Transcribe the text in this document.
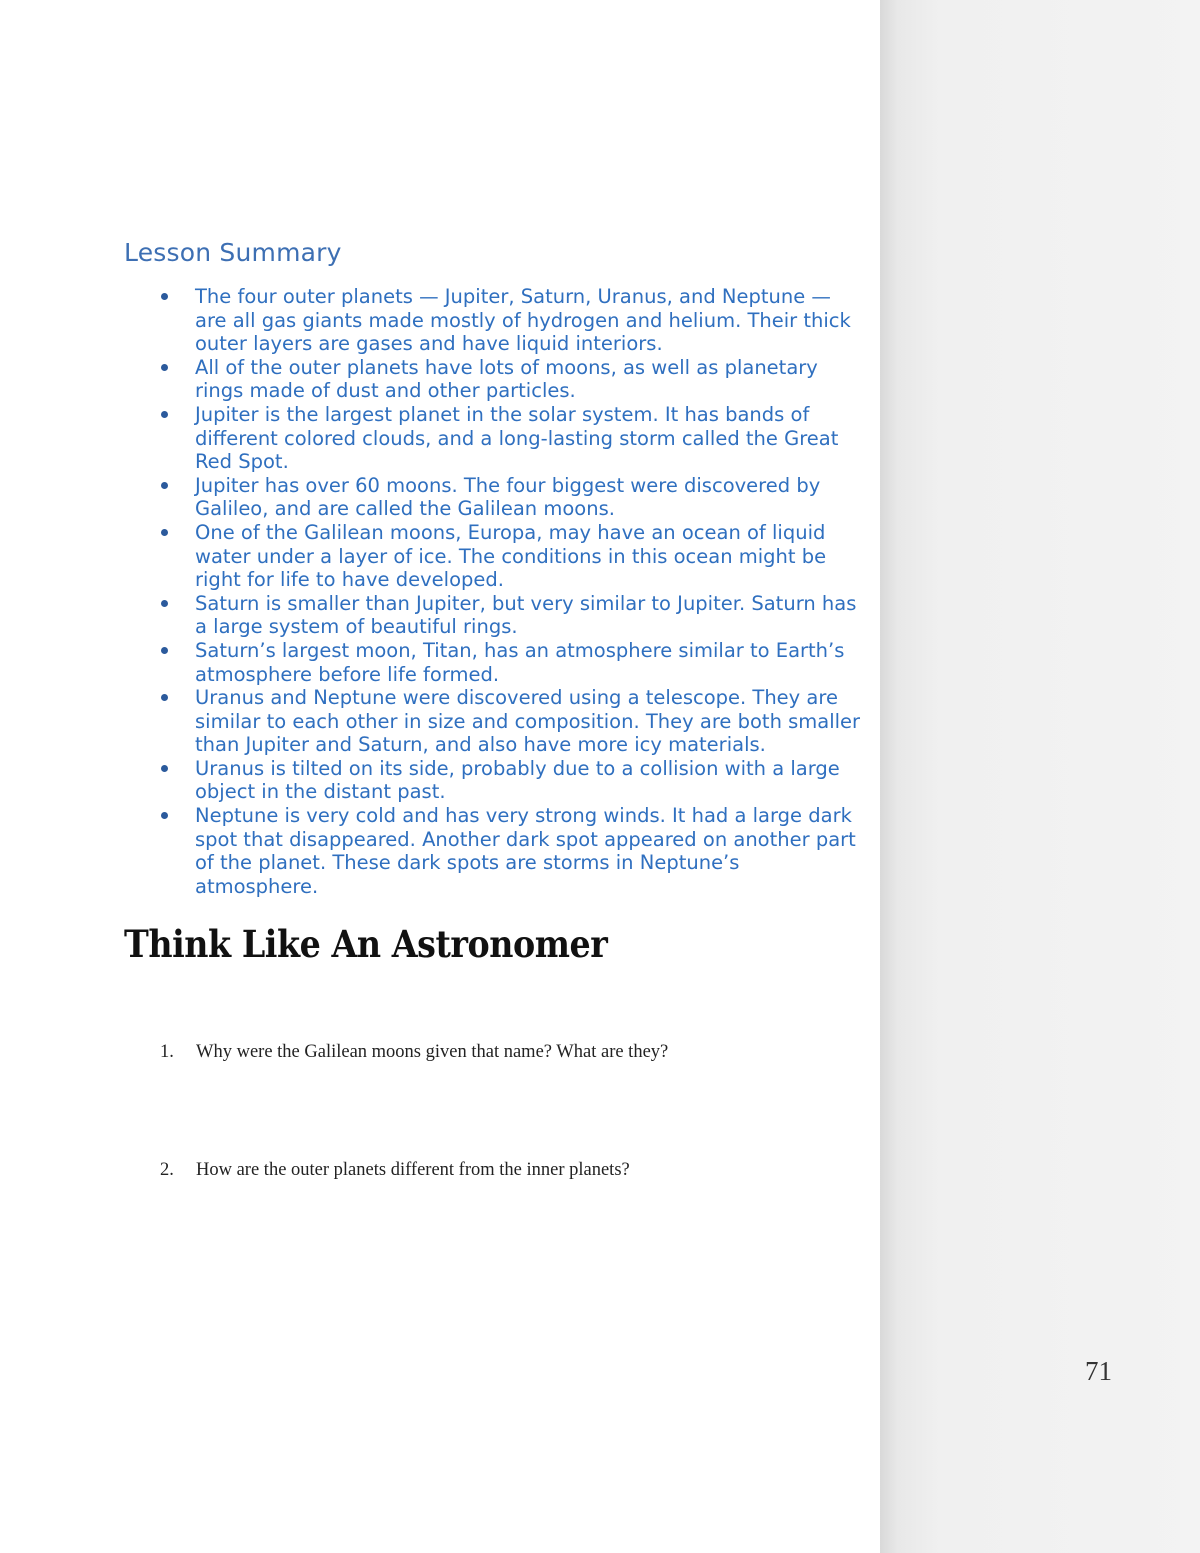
Lesson Summary
The four outer planets — Jupiter, Saturn, Uranus, and Neptune — are all gas giants made mostly of hydrogen and helium. Their thick outer layers are gases and have liquid interiors.
All of the outer planets have lots of moons, as well as planetary rings made of dust and other particles.
Jupiter is the largest planet in the solar system. It has bands of different colored clouds, and a long-lasting storm called the Great Red Spot.
Jupiter has over 60 moons. The four biggest were discovered by Galileo, and are called the Galilean moons.
One of the Galilean moons, Europa, may have an ocean of liquid water under a layer of ice. The conditions in this ocean might be right for life to have developed.
Saturn is smaller than Jupiter, but very similar to Jupiter. Saturn has a large system of beautiful rings.
Saturn’s largest moon, Titan, has an atmosphere similar to Earth’s atmosphere before life formed.
Uranus and Neptune were discovered using a telescope. They are similar to each other in size and composition. They are both smaller than Jupiter and Saturn, and also have more icy materials.
Uranus is tilted on its side, probably due to a collision with a large object in the distant past.
Neptune is very cold and has very strong winds. It had a large dark spot that disappeared. Another dark spot appeared on another part of the planet. These dark spots are storms in Neptune’s atmosphere.
Think Like An Astronomer
1. Why were the Galilean moons given that name? What are they?
2. How are the outer planets different from the inner planets?
71
